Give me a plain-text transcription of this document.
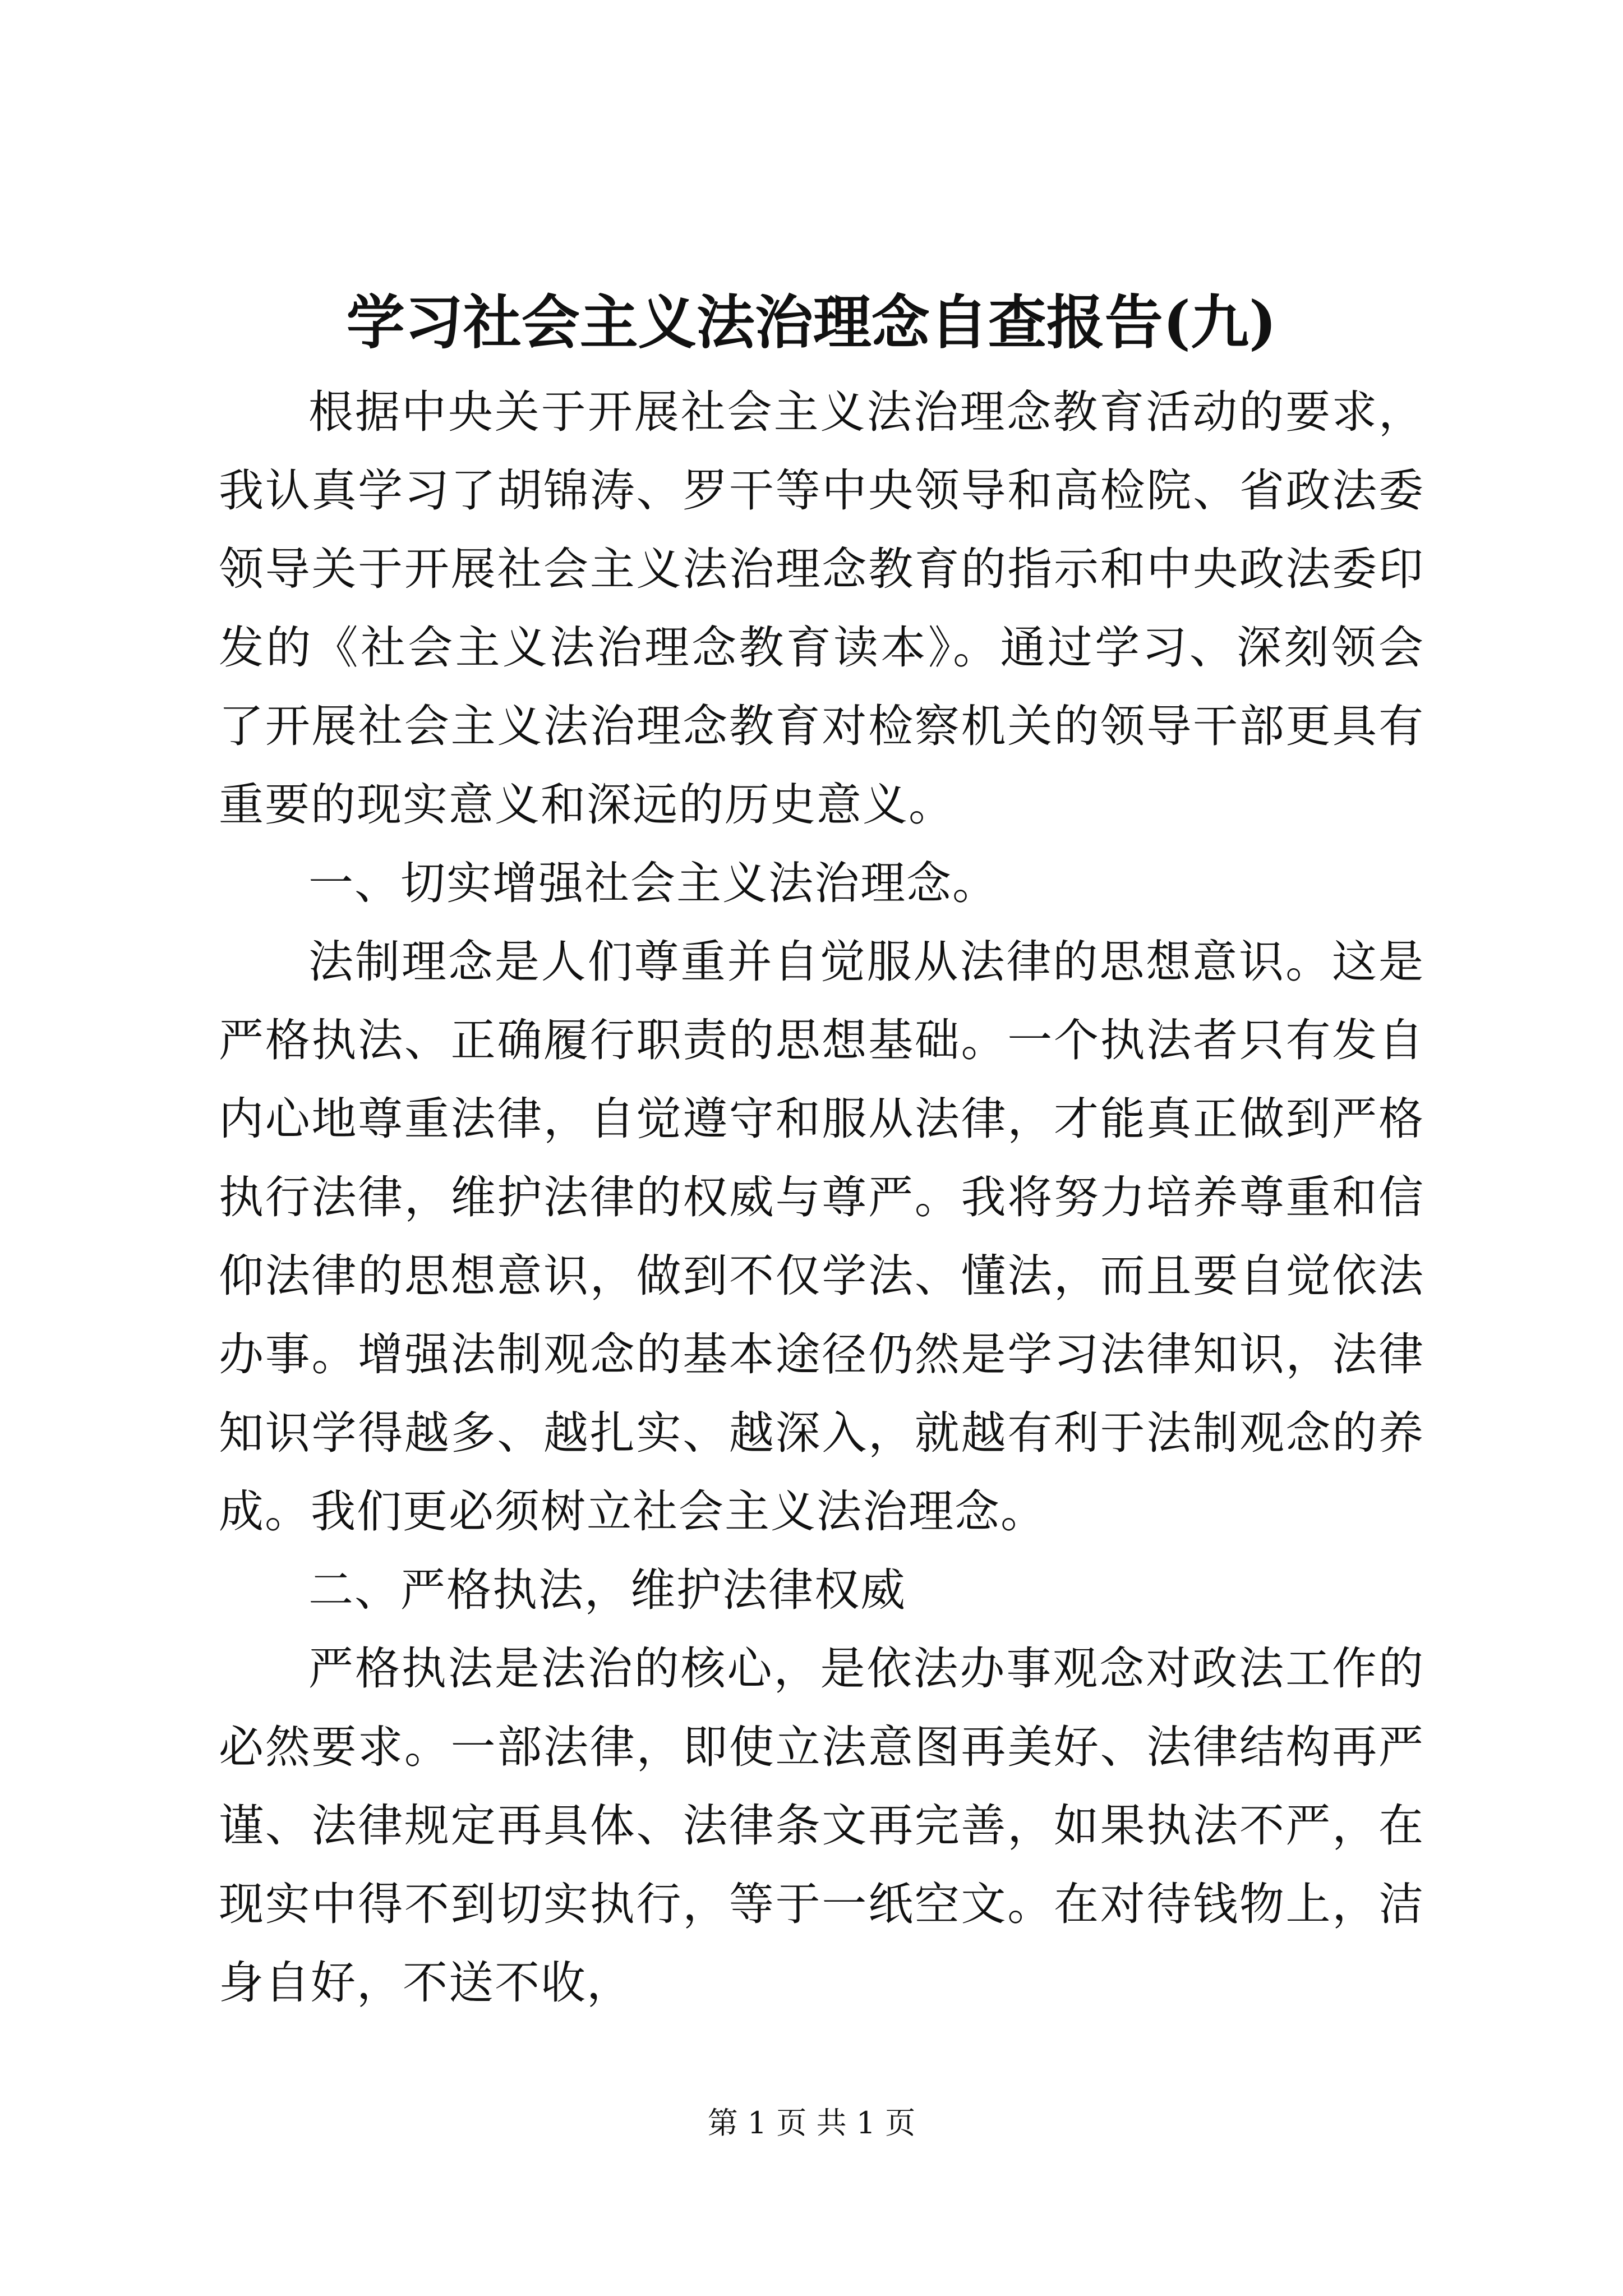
学习社会主义法治理念自查报告(九)

根据中央关于开展社会主义法治理念教育活动的要求，我认真学习了胡锦涛、罗干等中央领导和高检院、省政法委领导关于开展社会主义法治理念教育的指示和中央政法委印发的《社会主义法治理念教育读本》。通过学习、深刻领会了开展社会主义法治理念教育对检察机关的领导干部更具有重要的现实意义和深远的历史意义。

一、切实增强社会主义法治理念。

法制理念是人们尊重并自觉服从法律的思想意识。这是严格执法、正确履行职责的思想基础。一个执法者只有发自内心地尊重法律，自觉遵守和服从法律，才能真正做到严格执行法律，维护法律的权威与尊严。我将努力培养尊重和信仰法律的思想意识，做到不仅学法、懂法，而且要自觉依法办事。增强法制观念的基本途径仍然是学习法律知识，法律知识学得越多、越扎实、越深入，就越有利于法制观念的养成。我们更必须树立社会主义法治理念。

二、严格执法，维护法律权威

严格执法是法治的核心，是依法办事观念对政法工作的必然要求。一部法律，即使立法意图再美好、法律结构再严谨、法律规定再具体、法律条文再完善，如果执法不严，在现实中得不到切实执行，等于一纸空文。在对待钱物上，洁身自好，不送不收，

第 1 页 共 1 页
